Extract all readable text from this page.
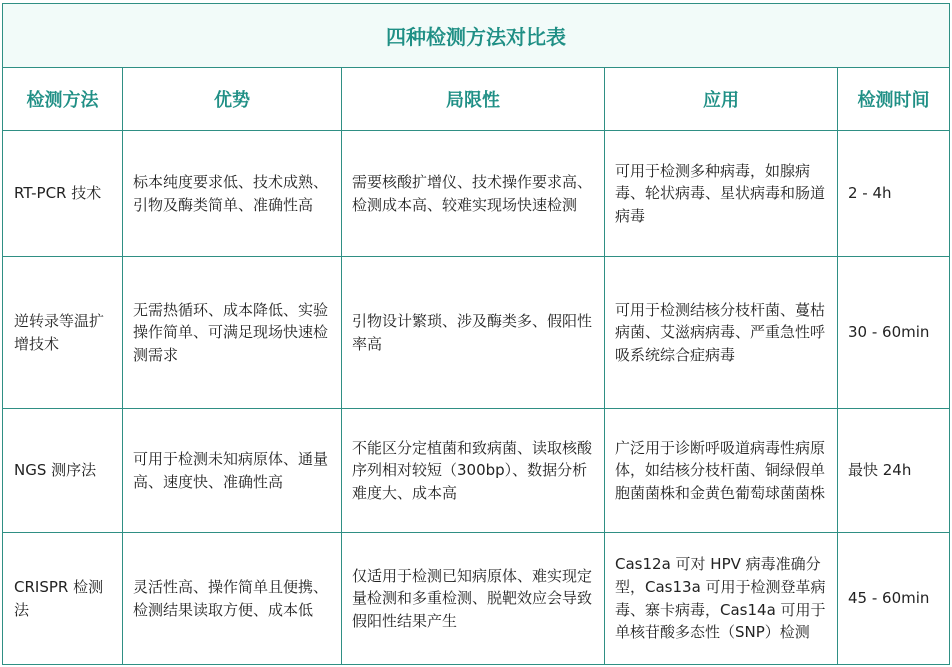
四种检测方法对比表				
检测方法	优势	局限性	应用	检测时间
RT-PCR 技术	标本纯度要求低、技术成熟、引物及酶类简单、准确性高	需要核酸扩增仪、技术操作要求高、检测成本高、较难实现场快速检测	可用于检测多种病毒，如腺病毒、轮状病毒、星状病毒和肠道病毒	2 - 4h
逆转录等温扩增技术	无需热循环、成本降低、实验操作简单、可满足现场快速检测需求	引物设计繁琐、涉及酶类多、假阳性率高	可用于检测结核分枝杆菌、蔓枯病菌、艾滋病病毒、严重急性呼吸系统综合症病毒	30 - 60min
NGS 测序法	可用于检测未知病原体、通量高、速度快、准确性高	不能区分定植菌和致病菌、读取核酸序列相对较短（300bp）、数据分析难度大、成本高	广泛用于诊断呼吸道病毒性病原体，如结核分枝杆菌、铜绿假单胞菌菌株和金黄色葡萄球菌菌株	最快 24h
CRISPR 检测法	灵活性高、操作简单且便携、检测结果读取方便、成本低	仅适用于检测已知病原体、难实现定量检测和多重检测、脱靶效应会导致假阳性结果产生	Cas12a 可对 HPV 病毒准确分型，Cas13a 可用于检测登革病毒、寨卡病毒，Cas14a 可用于单核苷酸多态性（SNP）检测	45 - 60min
